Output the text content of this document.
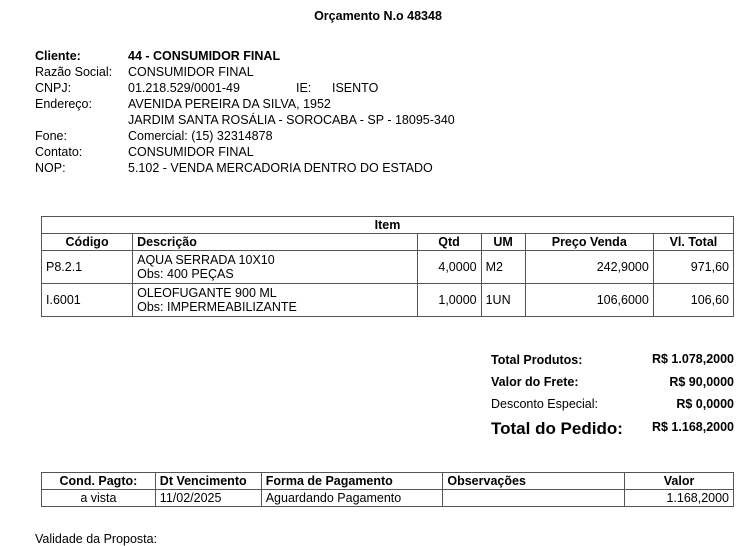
Orçamento N.o 48348
Cliente:	44 - CONSUMIDOR FINAL
Razão Social: CONSUMIDOR FINAL
CNPJ:	01.218.529/0001-49	IE: ISENTO
Endereço:	AVENIDA PEREIRA DA SILVA, 1952
JARDIM SANTA ROSÁLIA - SOROCABA - SP - 18095-340
Fone:	Comercial: (15) 32314878
Contato:	CONSUMIDOR FINAL
NOP:	5.102 - VENDA MERCADORIA DENTRO DO ESTADO
Item					
Código	Descrição	Qtd	UM	Preço Venda	Vl. Total
P8.2.1	AQUA SERRADA 10X10
Obs: 400 PEÇAS	4,0000	M2	242,9000	971,60
I.6001	OLEOFUGANTE 900 ML
Obs: IMPERMEABILIZANTE	1,0000	1UN	106,6000	106,60
Total Produtos:	R$ 1.078,2000
Valor do Frete:	R$ 90,0000
Desconto Especial:	R$ 0,0000
Total do Pedido: R$ 1.168,2000
Cond. Pagto:	Dt Vencimento	Forma de Pagamento	Observações	Valor
a vista	11/02/2025	Aguardando Pagamento		1.168,2000
Validade da Proposta:
